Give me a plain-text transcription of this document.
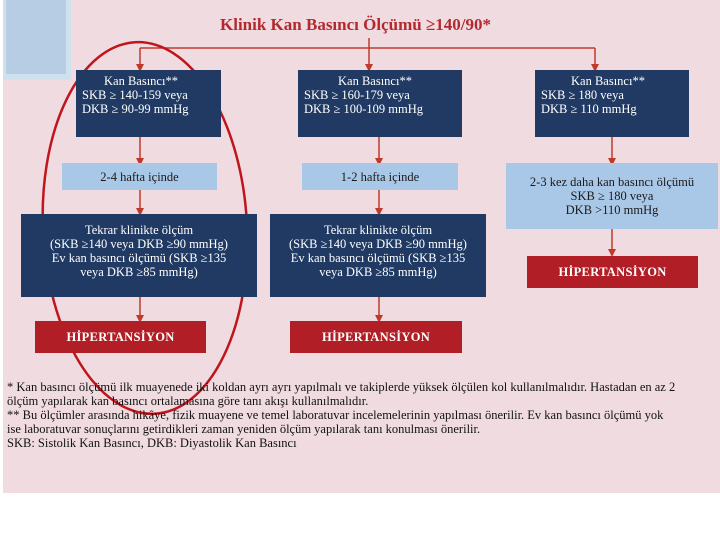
Klinik Kan Basıncı Ölçümü ≥140/90*
Kan Basıncı**
SKB ≥ 140-159 veya
DKB ≥ 90-99 mmHg
2-4 hafta içinde
Tekrar klinikte ölçüm
(SKB ≥140 veya DKB ≥90 mmHg)
Ev kan basıncı ölçümü (SKB ≥135
veya DKB ≥85 mmHg)
HİPERTANSİYON
Kan Basıncı**
SKB ≥ 160-179 veya
DKB ≥ 100-109 mmHg
1-2 hafta içinde
Tekrar klinikte ölçüm
(SKB ≥140 veya DKB ≥90 mmHg)
Ev kan basıncı ölçümü (SKB ≥135
veya DKB ≥85 mmHg)
HİPERTANSİYON
Kan Basıncı**
SKB ≥ 180 veya
DKB ≥ 110 mmHg
2-3 kez daha kan basıncı ölçümü
SKB ≥ 180 veya
DKB >110 mmHg
HİPERTANSİYON
* Kan basıncı ölçümü ilk muayenede iki koldan ayrı ayrı yapılmalı ve takiplerde yüksek ölçülen kol kullanılmalıdır. Hastadan en az 2
ölçüm yapılarak kan basıncı ortalamasına göre tanı akışı kullanılmalıdır.
** Bu ölçümler arasında hikâye, fizik muayene ve temel laboratuvar incelemelerinin yapılması önerilir. Ev kan basıncı ölçümü yok
ise laboratuvar sonuçlarını getirdikleri zaman yeniden ölçüm yapılarak tanı konulması önerilir.
SKB: Sistolik Kan Basıncı, DKB: Diyastolik Kan Basıncı
